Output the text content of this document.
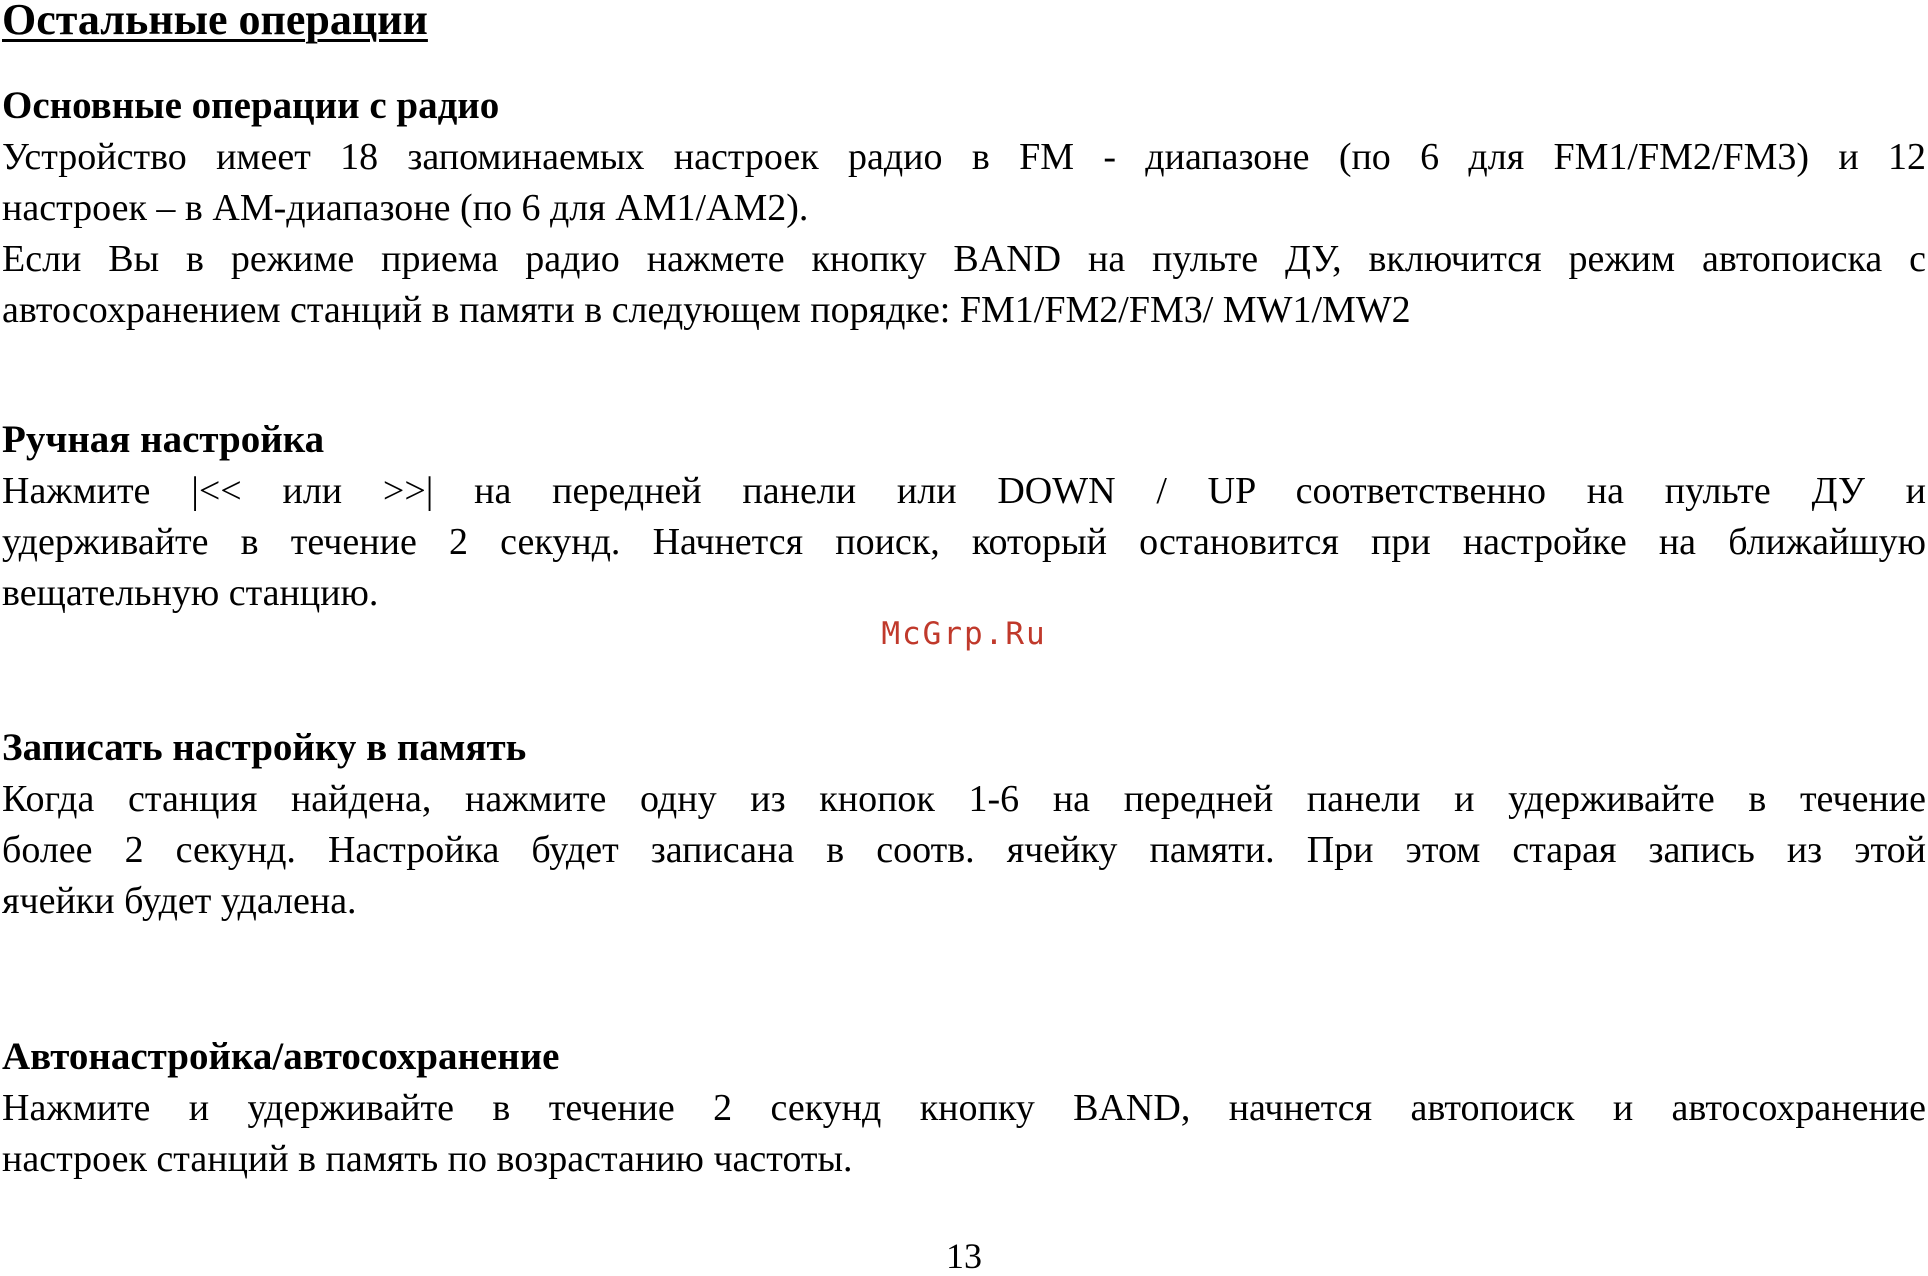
Остальные операции
Основные операции с радио

Устройство имеет 18 запоминаемых настроек радио в FM - диапазоне (по 6 для FM1/FM2/FM3) и 12
настроек – в AM-диапазоне (по 6 для AM1/AM2).

Если Вы в режиме приема радио нажмете кнопку BAND на пульте ДУ, включится режим автопоиска с
автосохранением станций в памяти в следующем порядке: FM1/FM2/FM3/ MW1/MW2

Ручная настройка

Нажмите |<< или >>| на передней панели или DOWN / UP соответственно на пульте ДУ и
удерживайте в течение 2 секунд. Начнется поиск, который остановится при настройке на ближайшую
вещательную станцию.

McGrp.Ru
Записать настройку в память

Когда станция найдена, нажмите одну из кнопок 1-6 на передней панели и удерживайте в течение
более 2 секунд. Настройка будет записана в соотв. ячейку памяти. При этом старая запись из этой
ячейки будет удалена.

Автонастройка/автосохранение

Нажмите и удерживайте в течение 2 секунд кнопку BAND, начнется автопоиск и автосохранение
настроек станций в память по возрастанию частоты.

13
